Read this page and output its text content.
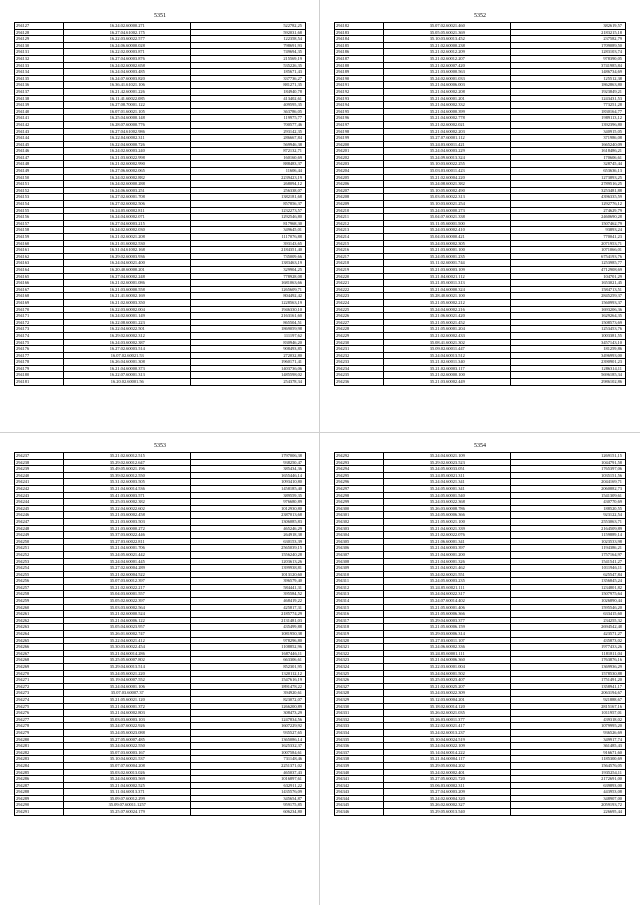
5351
294127	16.24.02.60000.271	522782,25
294128	16.27.04.61002.175	592031,68
294129	16.22.03.60022.577	122358,54
294130	16.24.06.60000.028	798691,93
294131	16.22.02.00003.871	749694,35
294132	16.27.04.60003.876	215569,19
294133	16.24.02.60002.658	535226,35
294134	16.24.04.60003.485	185671,43
294135	16.24.07.60003.820	337736,27
294136	16.36.41.61021.106	881271,35
294137	16.21.42.60001.226	184940,78
294138	16.11.41.60022.085	413402,61
294139	16.27.08.70001.122	409595,35
294140	16.07.01.60021.105	363786,05
294141	16.25.04.60000.148	119975,77
294142	16.28.07.60000.776	700577,46
294143	16.27.04.61002.986	293142,35
294144	16.22.04.60002.311	286667,84
294145	16.22.04.60000.726	569946,38
294146	16.24.02.60003.240	872132,71
294147	16.21.03.60022.998	160160,69
294148	16.21.02.60002.990	888483,37
294149	16.27.06.60002.065	11606,44
294150	16.24.02.60002.882	2239423,19
294151	16.24.02.60000.288	268094,12
294152	16.24.06.60003.251	256338,07
294153	16.27.02.60001.708	1382181,68
294154	16.27.02.60002.506	857856,37
294155	16.24.05.60002.811	1232273,57
294156	16.24.04.60002.071	1292546,80
294157	16.27.04.60003.215	817968,30
294158	16.24.02.60002.030	349645,01
294159	16.21.02.60021.208	1117076,88
294160	16.21.01.60002.530	393143,65
294161	16.31.04.61002.168	2184351,40
294162	16.29.02.60003.936	735009,66
294163	16.24.04.60021.400	1383463,19
294164	16.20.40.60000.201	329904,25
294165	16.27.04.60002.248	778928,08
294166	16.21.02.60001.086	1681063,66
294167	16.21.03.60000.558	1265609,71
294168	16.21.41.60002.169	804492,42
294169	16.21.02.60003.350	1228563,19
294170	16.22.03.60002.004	1946330,10
294171	16.24.02.60001.149	2163161,60
294172	16.22.08.60001.223	865504,51
294173	16.22.04.60022.501	1869059,98
294174	16.29.02.60002.312	111197,62
294175	16.24.03.60002.387	830946,20
294176	16.27.02.60003.514	908493,85
294177	16.07.02.60021.53	272032,80
294178	16.26.04.60001.308	1960171,41
294179	16.21.04.60000.373	1403736,06
294180	16.22.07.60001.313	1485598,02
294181	16.20.02.60001.56	254378,34
5352
294182	35.07.02.60021.460	382619,57
294183	35.05.05.60021.369	2183215,18
294184	35.10.03.60013.452	237582,79
294185	35.21.02.60000.238	1709089,50
294186	35.21.02.60012.209	1283103,74
294187	35.21.02.60012.207	978390,05
294188	35.21.02.60007.420	3741985,84
294189	35.21.03.60000.563	1486734,69
294190	35.24.02.60001.033	125512,38
294191	35.21.04.60006.003	1862863,80
294192	35.21.04.60002.208	1923849,21
294193	35.21.04.60001.201	1243431,53
294194	35.21.04.60002.332	773251,28
294195	35.21.04.60000.399	1830164,77
294196	35.21.04.60002.778	1989113,12
294197	35.21.02.60002.021	1392396,80
294198	35.21.04.60002.203	340915,05
294199	35.27.07.60001.112	371986,08
294200	35.24.03.60011.421	1665240,09
294201	35.24.04.60003.229	1618486,21
294202	35.24.09.60013.324	170606,61
294203	35.10.03.60022.255	328745,44
294204	35.03.03.60011.423	653636,13
294205	35.21.02.60004.220	1273893,25
294206	35.24.08.60021.382	2789516,25
294207	35.10.05.60002.490	3253481,88
294208	35.03.05.60022.313	4396335,59
294209	35.10.03.60021.254	1292776,12
294210	35.24.03.60000.273	274629,79
294211	35.04.07.60021.338	2460690,28
294212	35.11.05.60001.500	1507462,79
294213	35.24.03.60002.410	93893,24
294214	35.04.03.60000.421	770041,23
294215	35.24.03.60002.305	2071953,71
294216	35.21.03.60001.100	1071066,01
294217	35.24.05.60001.235	6754193,76
294218	35.11.02.60001.744	1253985,77
294219	35.21.03.60003.109	4712908,69
294220	35.21.04.60021.112	104701,29
294221	35.21.05.60011.313	1653021,45
294222	35.21.04.60000.324	1584713,51
294223	35.28.40.60021.100	2845259,37
294224	35.21.05.60002.212	1560993,37
294225	35.24.04.60002.216	1693206,36
294226	35.21.06.60021.420	1629264,35
294227	35.21.05.60021.452	1508573,69
294228	35.21.05.60001.204	1253453,76
294229	35.21.02.60002.433	1003381,55
294230	35.08.41.60021.302	3457143,10
294231	35.09.02.60011.447	181259,86
294232	35.24.04.60013.512	3496993,00
294233	35.21.02.60011.340	2390901,23
294234	35.21.02.60003.117	1286314,11
294235	35.21.02.60000.100	5696185,34
294236	35.21.03.60002.449	2986102,86
5353
294237	35.21.02.60012.515	1797006,38
294238	35.29.02.60012.647	938250,47
294239	35.49.05.60021.196	385434,36
294240	35.39.02.60012.550	1655446,14
294241	35.31.02.60003.505	1093410,80
294242	35.21.04.60014.536	1458185,40
294243	35.41.03.60003.571	389559,35
294244	35.25.03.60002.382	976680,89
294245	35.22.04.60022.602	1012930,80
294246	35.21.03.60002.458	2387013,68
294247	35.21.03.60003.503	1306085,83
294248	35.21.03.60000.272	465246,29
294249	35.37.03.60022.446	264918,38
294250	35.27.03.60022.811	630153,39
294251	35.21.04.60001.706	2565039,15
294252	35.24.05.60021.442	1556240,28
294253	35.24.04.60001.445	1203613,26
294254	35.27.02.60004.289	1399938,81
294255	35.21.02.60004.522	1013120,60
294256	35.07.03.60012.397	396579,40
294257	35.21.02.60022.217	584441,31
294258	35.04.03.60001.557	395584,52
294259	35.05.02.60022.397	468419,22
294260	35.03.03.60002.564	425817,31
294261	35.21.02.60000.524	2185774,29
294262	35.21.04.60006.122	2131481,03
294263	35.05.04.60023.957	435499,88
294264	35.26.01.60002.747	1081950,38
294265	35.22.04.60021.412	978296,80
294266	35.30.03.60022.454	1108852,96
294267	35.21.04.60014.286	1687446,11
294268	35.25.05.60007.802	663306,61
294269	35.29.04.60013.514	852301,95
294270	35.24.05.60021.220	1320112,12
294271	35.19.04.60007.552	1547616,19
294272	35.24.04.60001.106	1891478,22
294273	35.07.03.60007.37	394920,61
294274	35.21.05.60021.120	823072,07
294275	35.21.04.60001.372	1266200,89
294276	35.21.04.60002.803	308473,29
294277	35.03.03.60003.103	1247834,56
294278	35.24.07.60022.926	1607229,92
294279	35.24.05.60023.088	935527,65
294280	35.27.05.60007.485	1365086,14
294281	35.24.04.60022.550	1625332,37
294282	35.07.03.60003.167	1007584,61
294283	35.10.04.60021.537	731148,46
294284	35.07.07.60004.208	2251371,02
294285	35.03.02.60013.026	465037,43
294286	35.24.04.60003.569	1016897,61
294287	35.21.04.60002.525	632911,22
294288	35.11.04.60013.371	1435576,09
294289	35.09.07.60012.299	345654,87
294290	35.09.07.60011.1257	959175,85
294291	35.25.07.60024.179	606234,80
5354
294292	35.24.04.60021.109	1269151,15
294293	35.29.02.60023.523	1044791,58
294294	35.24.05.60033.051	1765397,06
294295	35.24.05.60021.311	1035151,56
294296	35.24.04.60021.341	2044169,71
294297	35.24.05.60001.341	2060882,73
294298	35.24.05.60001.540	1541309,61
294299	35.24.03.60022.368	430770,69
294300	35.26.03.60008.786	188520,55
294301	35.24.05.60006.366	923122,54
294302	35.21.05.60021.100	2553063,71
294303	35.21.04.60021.339	2164509,89
294304	35.21.02.60022.076	1159889,14
294305	35.21.06.60001.341	1023533,98
294306	35.21.04.60003.397	1194386,21
294307	35.21.04.60001.200	1757164,97
294308	35.21.04.60001.326	1541541,27
294309	35.21.04.60021.462	1011946,11
294310	35.24.02.60021.551	625547,84
294311	35.24.05.60003.235	1356845,24
294312	35.24.05.60021.111	1234801,82
294313	35.24.04.60022.317	1507975,64
294314	35.24.07.60014.402	1026890,44
294315	35.21.05.60001.406	1595546,20
294316	35.21.05.60006.366	633415,60
294317	35.29.04.60003.377	234255,32
294318	35.21.05.60006.159	2694542,48
294319	35.29.03.60006.314	423571,27
294320	35.27.03.60011.107	435873,02
294321	35.24.06.60002.336	1977433,26
294322	35.24.05.60001.111	1181811,04
294323	35.21.04.60006.360	1763876,16
294324	35.22.03.60001.004	1369936,29
294325	35.24.04.60001.502	1578530,88
294326	35.25.03.60023.407	1751491,20
294327	35.21.02.60025.207	1358941,17
294328	35.24.03.60022.309	2063194,67
294329	35.12.03.60004.201	921888,67
294330	35.18.02.60014.120	2815167,16
294331	35.26.02.60021.035	1011957,01
294332	35.26.03.60011.377	439318,02
294333	35.22.02.60021.417	1079995,20
294334	35.24.02.60013.237	936526,69
294335	35.10.04.60024.519	349917,74
294336	35.24.04.60022.109	361485,43
294337	35.14.04.60014.222	916671,60
294338	35.21.04.60004.117	1185300,69
294339	35.29.05.60004.202	1564576,05
294340	35.24.02.60002.401	1935254,11
294341	35.27.05.60021.720	2172691,00
294342	35.06.03.60002.311	639893,00
294343	35.27.04.60003.209	443953,08
294344	35.24.02.60004.320	348907,00
294345	35.26.02.60002.327	2059193,72
294346	35.29.05.60013.540	226695,44
